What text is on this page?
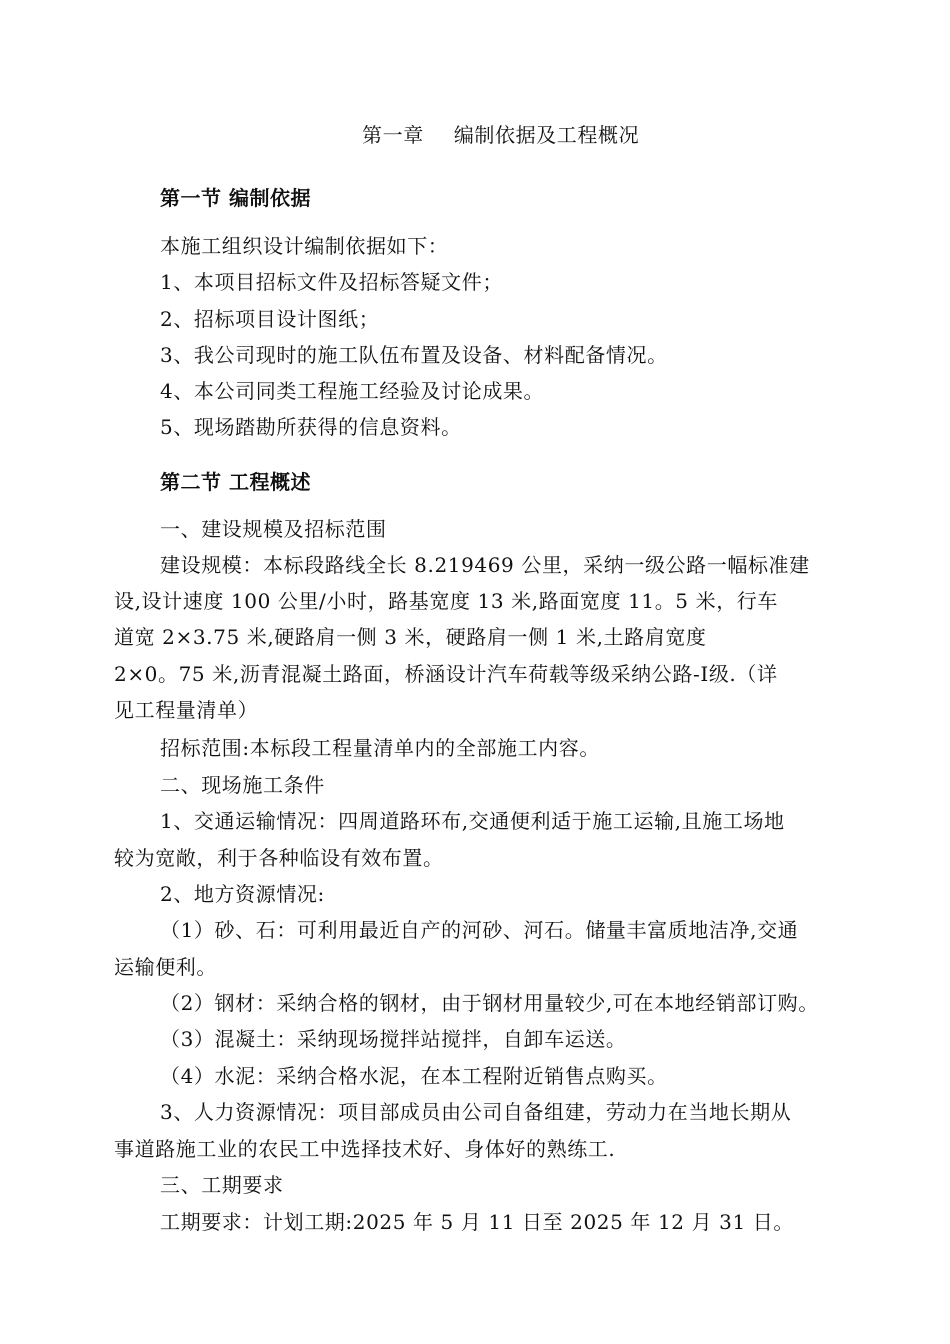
第一章 编制依据及工程概况
第一节 编制依据
本施工组织设计编制依据如下：
1、本项目招标文件及招标答疑文件；
2、招标项目设计图纸；
3、我公司现时的施工队伍布置及设备、材料配备情况。
4、本公司同类工程施工经验及讨论成果。
5、现场踏勘所获得的信息资料。
第二节 工程概述
一、建设规模及招标范围
建设规模：本标段路线全长 8.219469 公里，采纳一级公路一幅标准建
设,设计速度 100 公里/小时，路基宽度 13 米,路面宽度 11。5 米，行车
道宽 2×3.75 米,硬路肩一侧 3 米，硬路肩一侧 1 米,土路肩宽度
2×0。75 米,沥青混凝土路面，桥涵设计汽车荷载等级采纳公路-Ⅰ级.（详
见工程量清单）
招标范围:本标段工程量清单内的全部施工内容。
二、现场施工条件
1、交通运输情况：四周道路环布,交通便利适于施工运输,且施工场地
较为宽敞，利于各种临设有效布置。
2、地方资源情况:
（1）砂、石：可利用最近自产的河砂、河石。储量丰富质地洁净,交通
运输便利。
（2）钢材：采纳合格的钢材，由于钢材用量较少,可在本地经销部订购。
（3）混凝土：采纳现场搅拌站搅拌，自卸车运送。
（4）水泥：采纳合格水泥，在本工程附近销售点购买。
3、人力资源情况：项目部成员由公司自备组建，劳动力在当地长期从
事道路施工业的农民工中选择技术好、身体好的熟练工.
三、工期要求
工期要求：计划工期:2025 年 5 月 11 日至 2025 年 12 月 31 日。
